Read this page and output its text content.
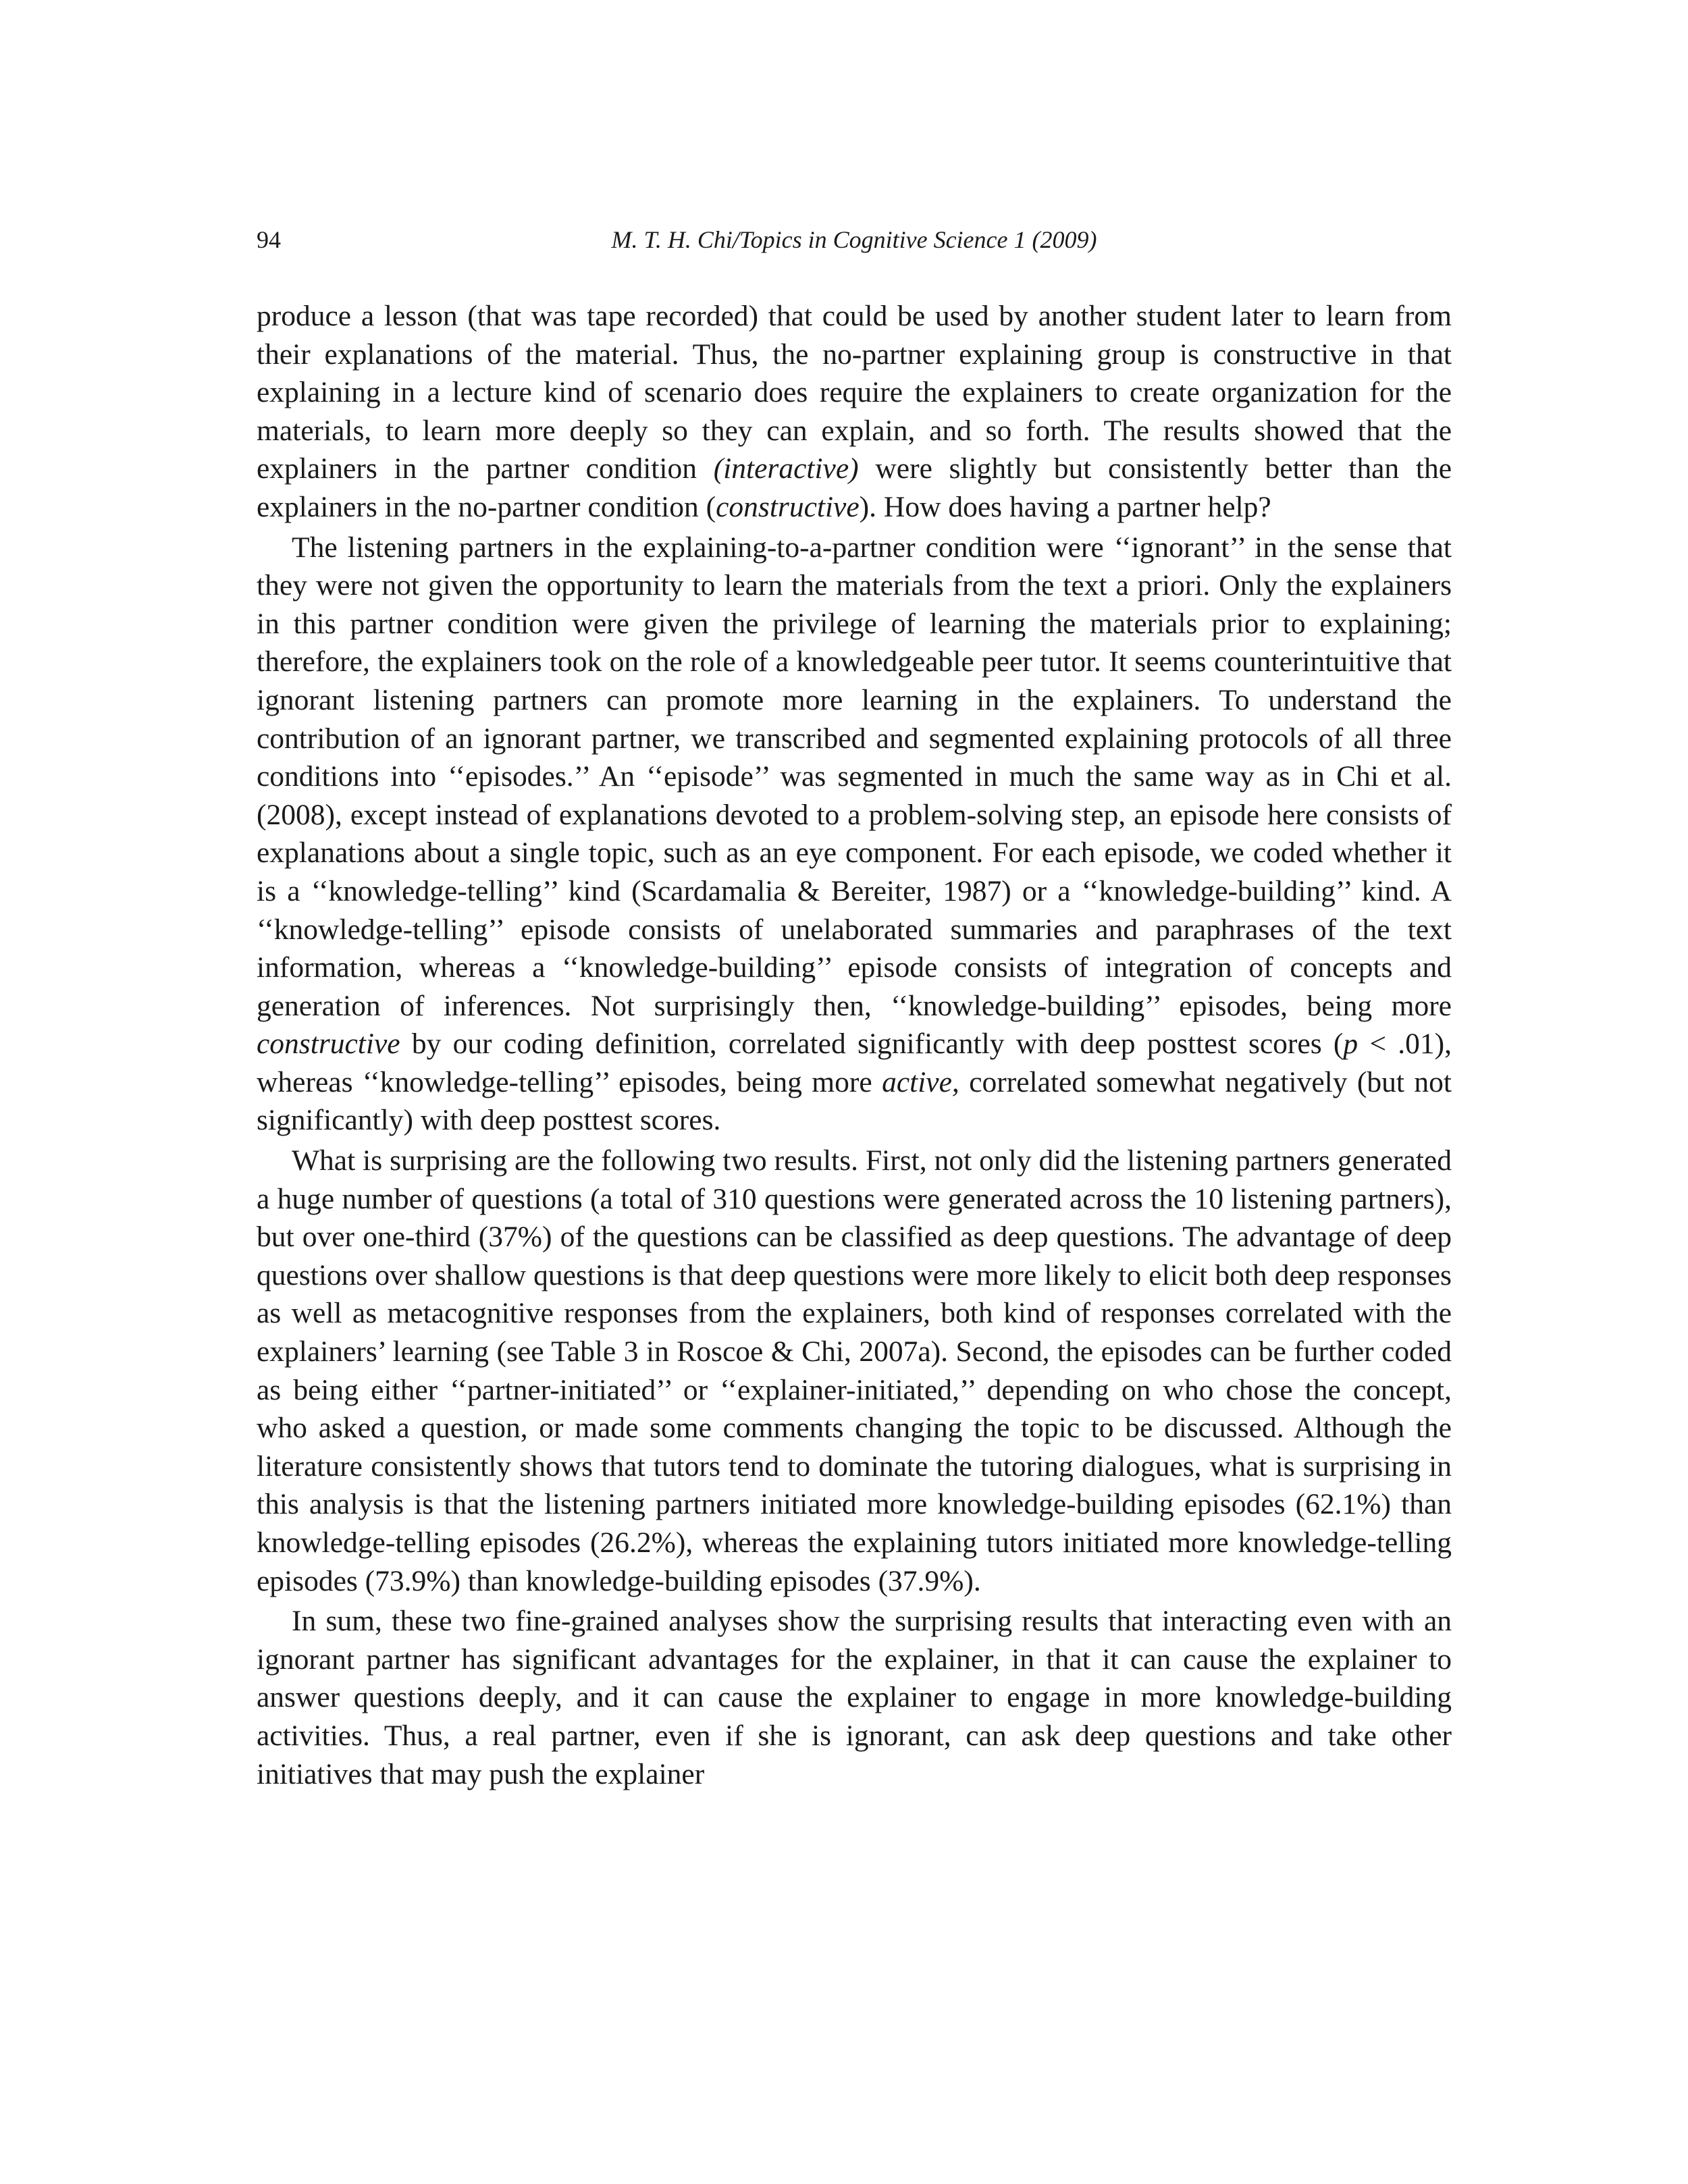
94	M. T. H. Chi/Topics in Cognitive Science 1 (2009)

produce a lesson (that was tape recorded) that could be used by another student later to learn from their explanations of the material. Thus, the no-partner explaining group is constructive in that explaining in a lecture kind of scenario does require the explainers to create organization for the materials, to learn more deeply so they can explain, and so forth. The results showed that the explainers in the partner condition (interactive) were slightly but consistently better than the explainers in the no-partner condition (constructive). How does having a partner help?

The listening partners in the explaining-to-a-partner condition were ‘‘ignorant’’ in the sense that they were not given the opportunity to learn the materials from the text a priori. Only the explainers in this partner condition were given the privilege of learning the materials prior to explaining; therefore, the explainers took on the role of a knowledgeable peer tutor. It seems counterintuitive that ignorant listening partners can promote more learning in the explainers. To understand the contribution of an ignorant partner, we transcribed and segmented explaining protocols of all three conditions into ‘‘episodes.’’ An ‘‘episode’’ was segmented in much the same way as in Chi et al. (2008), except instead of explanations devoted to a problem-solving step, an episode here consists of explanations about a single topic, such as an eye component. For each episode, we coded whether it is a ‘‘knowledge-telling’’ kind (Scardamalia & Bereiter, 1987) or a ‘‘knowledge-building’’ kind. A ‘‘knowledge-telling’’ episode consists of unelaborated summaries and paraphrases of the text information, whereas a ‘‘knowledge-building’’ episode consists of integration of concepts and generation of inferences. Not surprisingly then, ‘‘knowledge-building’’ episodes, being more constructive by our coding definition, correlated significantly with deep posttest scores (p < .01), whereas ‘‘knowledge-telling’’ episodes, being more active, correlated somewhat negatively (but not significantly) with deep posttest scores.

What is surprising are the following two results. First, not only did the listening partners generated a huge number of questions (a total of 310 questions were generated across the 10 listening partners), but over one-third (37%) of the questions can be classified as deep questions. The advantage of deep questions over shallow questions is that deep questions were more likely to elicit both deep responses as well as metacognitive responses from the explainers, both kind of responses correlated with the explainers’ learning (see Table 3 in Roscoe & Chi, 2007a). Second, the episodes can be further coded as being either ‘‘partner-initiated’’ or ‘‘explainer-initiated,’’ depending on who chose the concept, who asked a question, or made some comments changing the topic to be discussed. Although the literature consistently shows that tutors tend to dominate the tutoring dialogues, what is surprising in this analysis is that the listening partners initiated more knowledge-building episodes (62.1%) than knowledge-telling episodes (26.2%), whereas the explaining tutors initiated more knowledge-telling episodes (73.9%) than knowledge-building episodes (37.9%).

In sum, these two fine-grained analyses show the surprising results that interacting even with an ignorant partner has significant advantages for the explainer, in that it can cause the explainer to answer questions deeply, and it can cause the explainer to engage in more knowledge-building activities. Thus, a real partner, even if she is ignorant, can ask deep questions and take other initiatives that may push the explainer
